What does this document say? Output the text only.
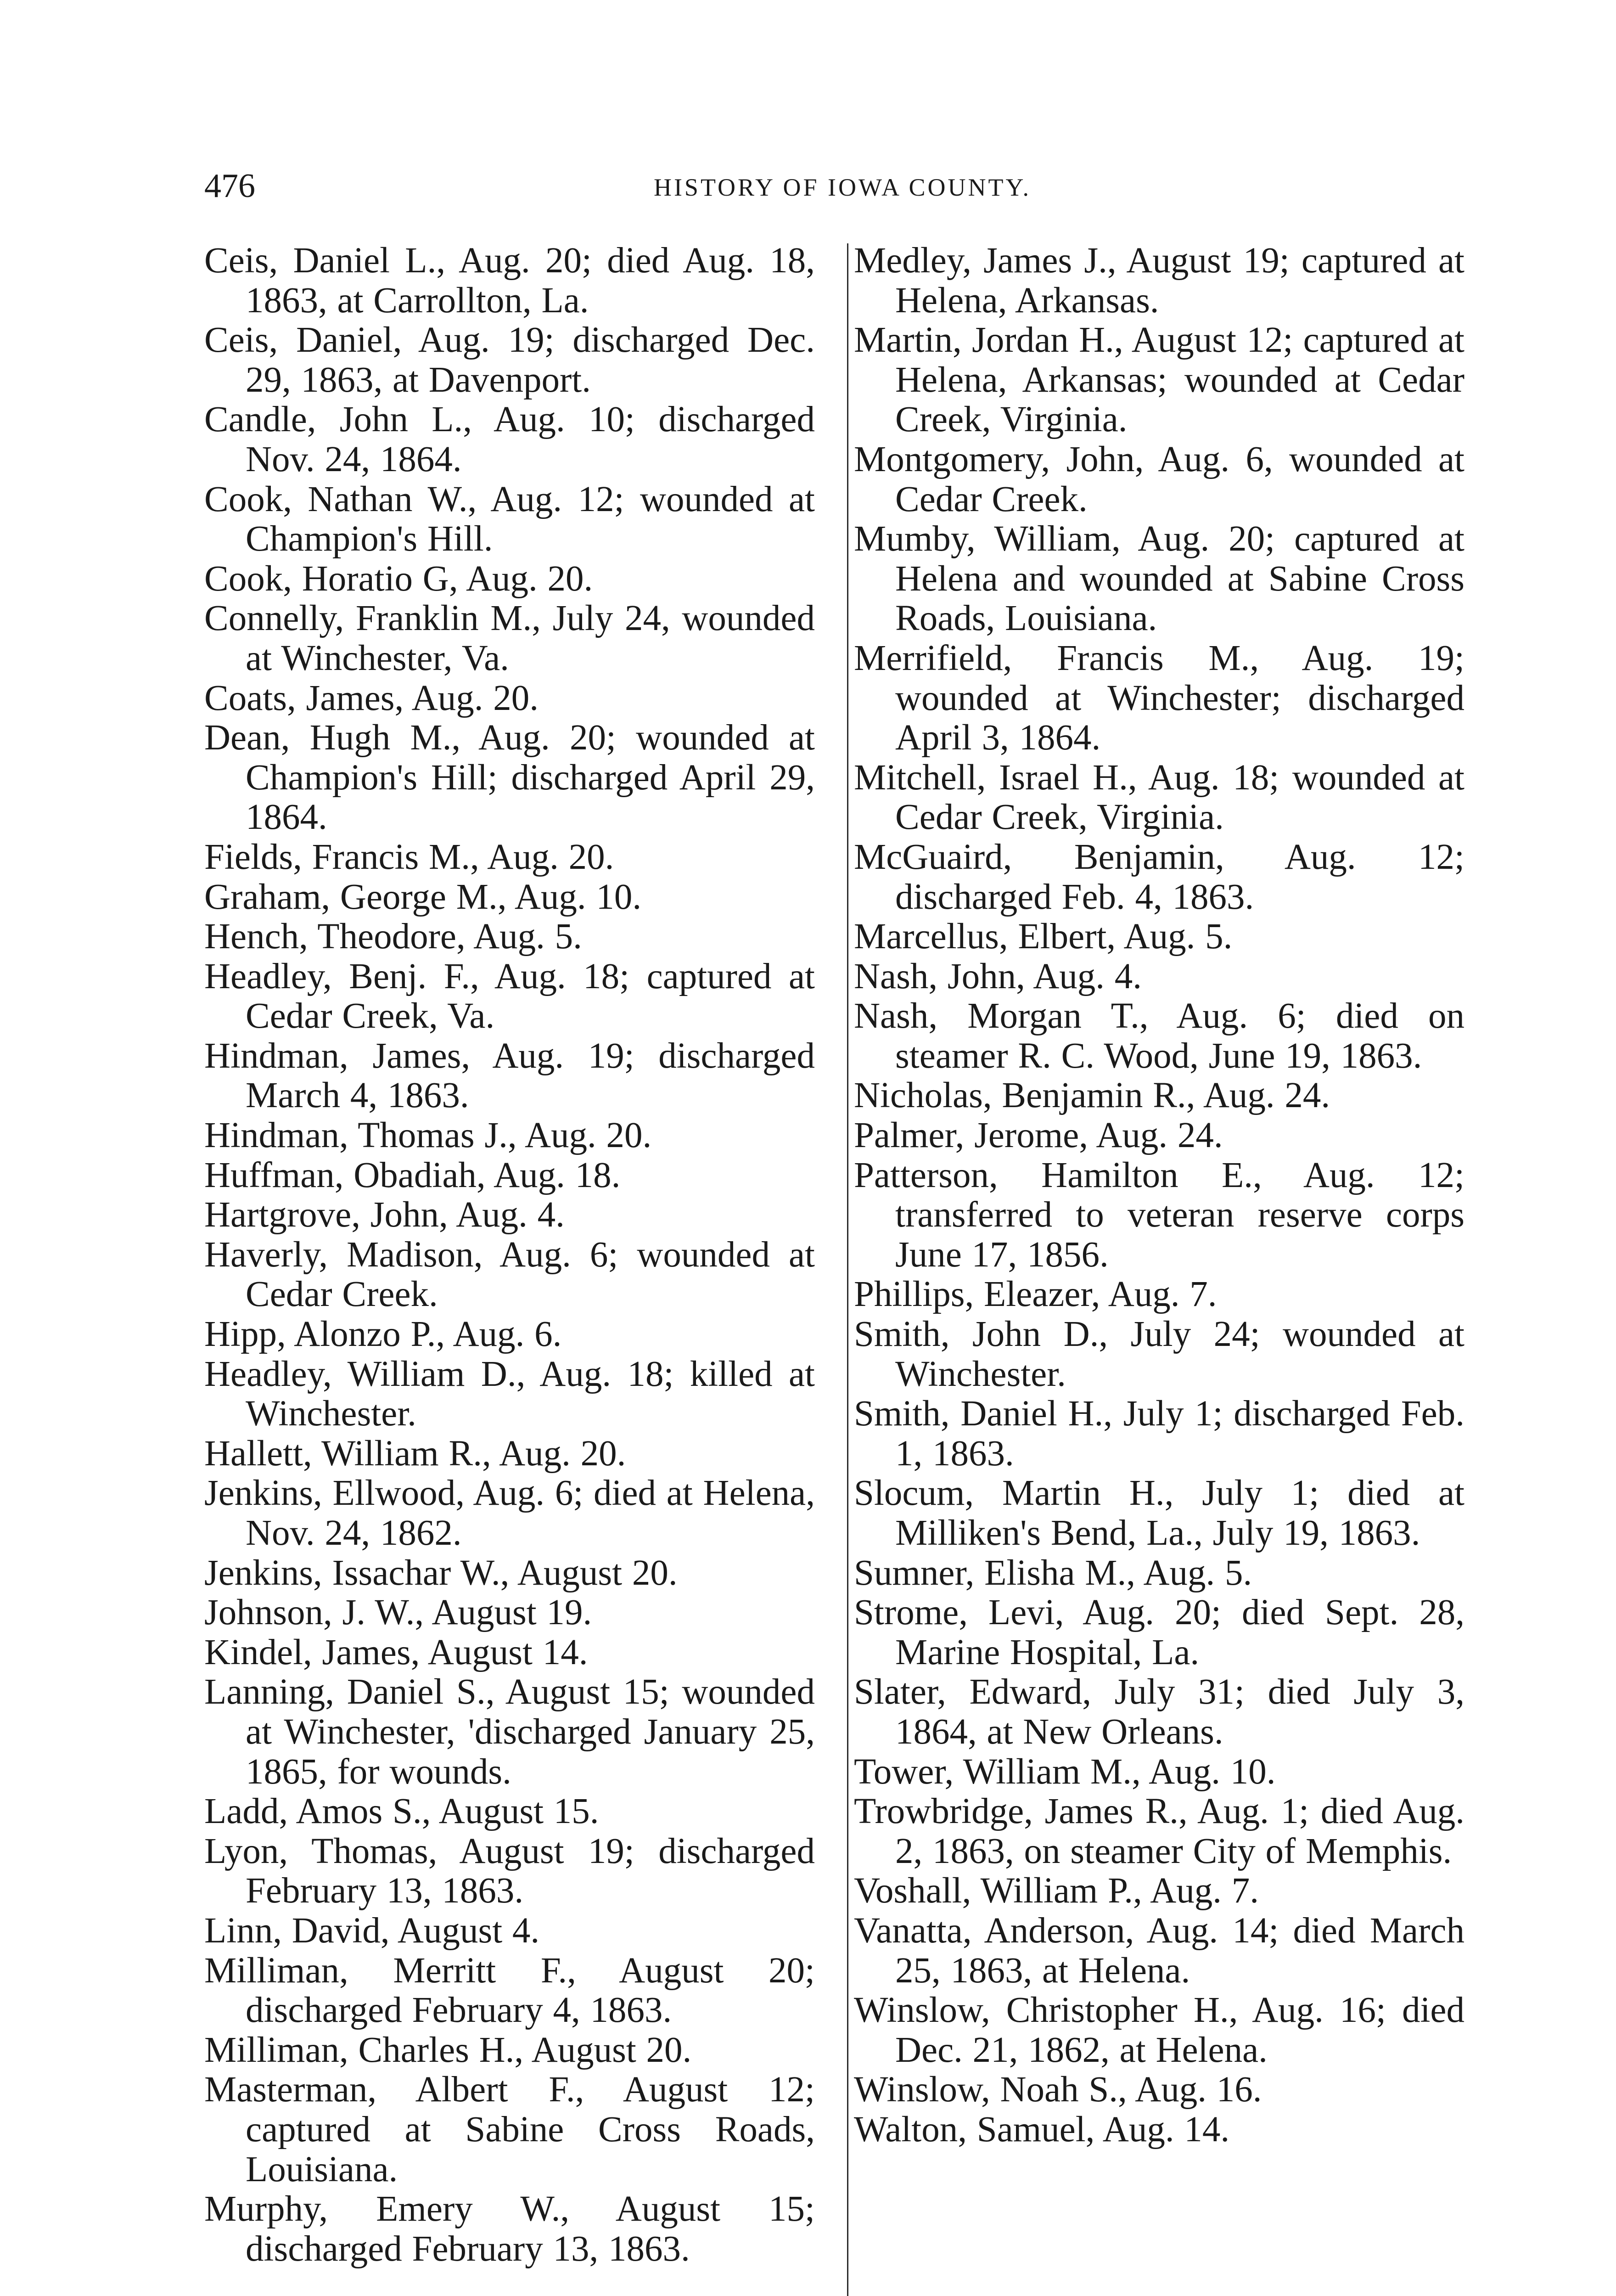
476	HISTORY OF IOWA COUNTY.

Ceis, Daniel L., Aug. 20; died Aug. 18, 1863, at Carrollton, La.

Ceis, Daniel, Aug. 19; discharged Dec. 29, 1863, at Davenport.

Candle, John L., Aug. 10; discharged Nov. 24, 1864.

Cook, Nathan W., Aug. 12; wounded at Champion's Hill.

Cook, Horatio G, Aug. 20.

Connelly, Franklin M., July 24, wounded at Winchester, Va.

Coats, James, Aug. 20.

Dean, Hugh M., Aug. 20; wounded at Champion's Hill; discharged April 29, 1864.

Fields, Francis M., Aug. 20.

Graham, George M., Aug. 10.

Hench, Theodore, Aug. 5.

Headley, Benj. F., Aug. 18; captured at Cedar Creek, Va.

Hindman, James, Aug. 19; discharged March 4, 1863.

Hindman, Thomas J., Aug. 20.

Huffman, Obadiah, Aug. 18.

Hartgrove, John, Aug. 4.

Haverly, Madison, Aug. 6; wounded at Cedar Creek.

Hipp, Alonzo P., Aug. 6.

Headley, William D., Aug. 18; killed at Winchester.

Hallett, William R., Aug. 20.

Jenkins, Ellwood, Aug. 6; died at Helena, Nov. 24, 1862.

Jenkins, Issachar W., August 20.

Johnson, J. W., August 19.

Kindel, James, August 14.

Lanning, Daniel S., August 15; wounded at Winchester, 'discharged January 25, 1865, for wounds.

Ladd, Amos S., August 15.

Lyon, Thomas, August 19; discharged February 13, 1863.

Linn, David, August 4.

Milliman, Merritt F., August 20; discharged February 4, 1863.

Milliman, Charles H., August 20.

Masterman, Albert F., August 12; captured at Sabine Cross Roads, Louisiana.

Murphy, Emery W., August 15; discharged February 13, 1863.

Medley, James J., August 19; captured at Helena, Arkansas.

Martin, Jordan H., August 12; captured at Helena, Arkansas; wounded at Cedar Creek, Virginia.

Montgomery, John, Aug. 6, wounded at Cedar Creek.

Mumby, William, Aug. 20; captured at Helena and wounded at Sabine Cross Roads, Louisiana.

Merrifield, Francis M., Aug. 19; wounded at Winchester; discharged April 3, 1864.

Mitchell, Israel H., Aug. 18; wounded at Cedar Creek, Virginia.

McGuaird, Benjamin, Aug. 12; discharged Feb. 4, 1863.

Marcellus, Elbert, Aug. 5.

Nash, John, Aug. 4.

Nash, Morgan T., Aug. 6; died on steamer R. C. Wood, June 19, 1863.

Nicholas, Benjamin R., Aug. 24.

Palmer, Jerome, Aug. 24.

Patterson, Hamilton E., Aug. 12; transferred to veteran reserve corps June 17, 1856.

Phillips, Eleazer, Aug. 7.

Smith, John D., July 24; wounded at Winchester.

Smith, Daniel H., July 1; discharged Feb. 1, 1863.

Slocum, Martin H., July 1; died at Milliken's Bend, La., July 19, 1863.

Sumner, Elisha M., Aug. 5.

Strome, Levi, Aug. 20; died Sept. 28, Marine Hospital, La.

Slater, Edward, July 31; died July 3, 1864, at New Orleans.

Tower, William M., Aug. 10.

Trowbridge, James R., Aug. 1; died Aug. 2, 1863, on steamer City of Memphis.

Voshall, William P., Aug. 7.

Vanatta, Anderson, Aug. 14; died March 25, 1863, at Helena.

Winslow, Christopher H., Aug. 16; died Dec. 21, 1862, at Helena.

Winslow, Noah S., Aug. 16.

Walton, Samuel, Aug. 14.
